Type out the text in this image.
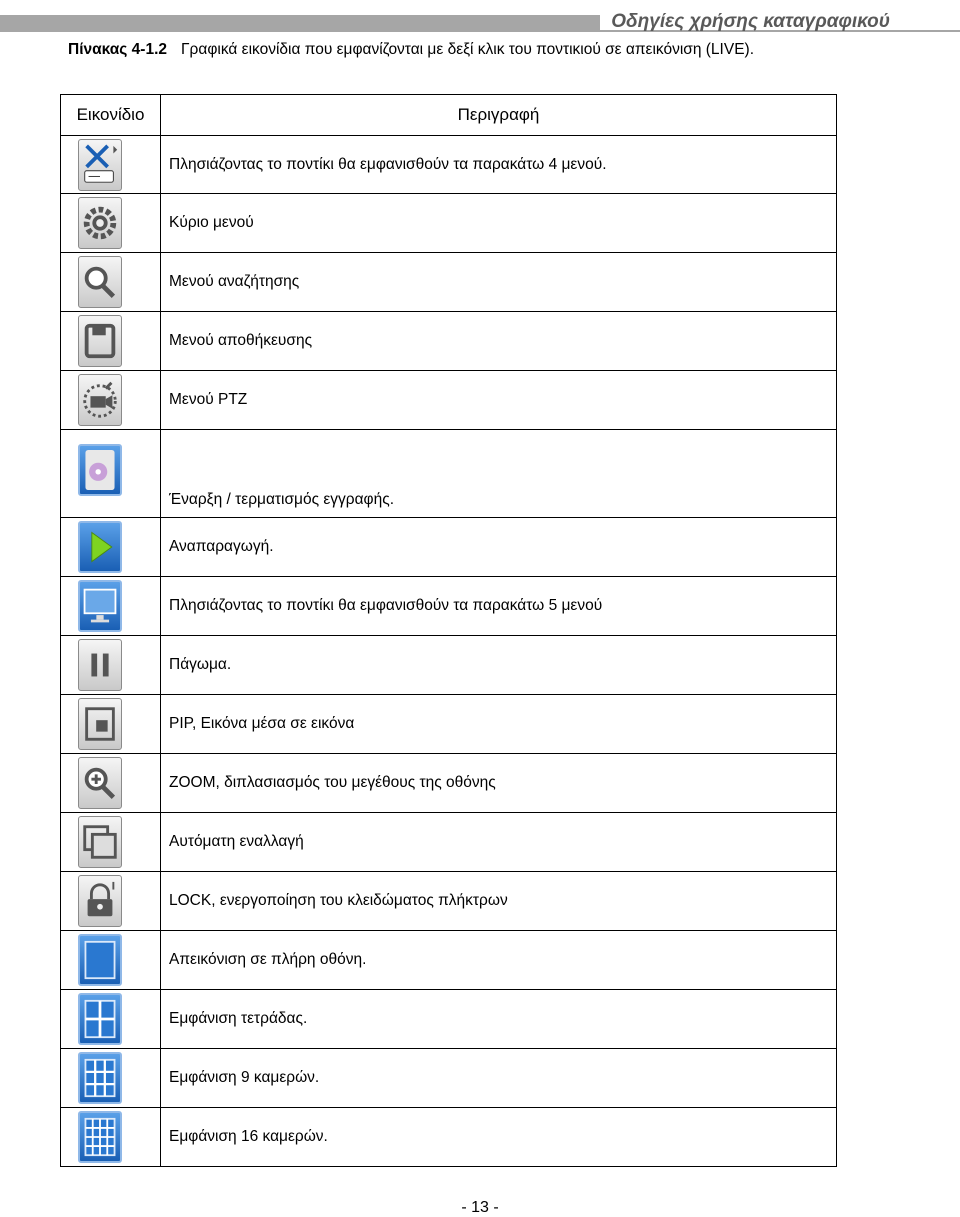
Οδηγίες χρήσης καταγραφικού
Πίνακας 4-1.2 Γραφικά εικονίδια που εμφανίζονται με δεξί κλικ του ποντικιού σε απεικόνιση (LIVE).
Εικονίδιο	Περιγραφή

	Πλησιάζοντας το ποντίκι θα εμφανισθούν τα παρακάτω 4 μενού.

	Κύριο μενού

	Μενού αναζήτησης

	Μενού αποθήκευσης

	Μενού PTZ

	Έναρξη / τερματισμός εγγραφής.

	Αναπαραγωγή.

	Πλησιάζοντας το ποντίκι θα εμφανισθούν τα παρακάτω 5 μενού

	Πάγωμα.

	PIP, Εικόνα μέσα σε εικόνα

	ZOOM, διπλασιασμός του μεγέθους της οθόνης

	Αυτόματη εναλλαγή

	LOCK, ενεργοποίηση του κλειδώματος πλήκτρων

	Απεικόνιση σε πλήρη οθόνη.

	Εμφάνιση τετράδας.

	Εμφάνιση 9 καμερών.

	Εμφάνιση 16 καμερών.
- 13 -
